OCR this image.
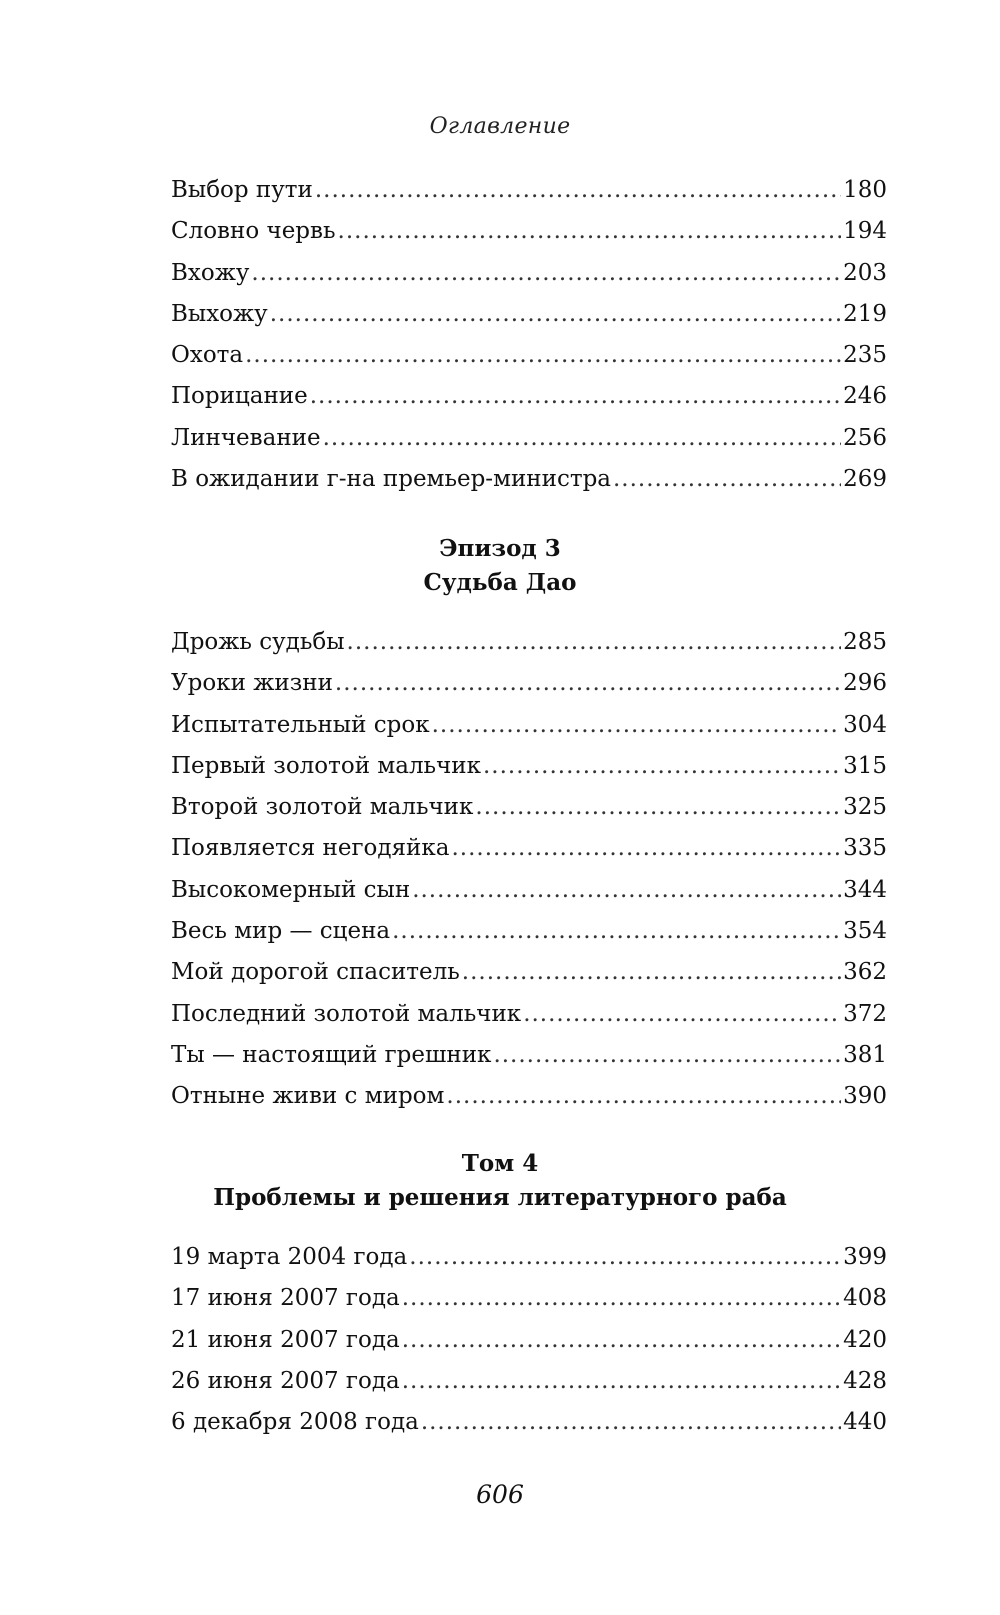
Оглавление
Выбор пути .....	180
Словно червь .....	194
Вхожу .....	203
Выхожу .....	219
Охота .....	235
Порицание .....	246
Линчевание .....	256
В ожидании г-на премьер-министра .....	269
Эпизод 3
Судьба Дао
Дрожь судьбы .....	285
Уроки жизни .....	296
Испытательный срок .....	304
Первый золотой мальчик .....	315
Второй золотой мальчик .....	325
Появляется негодяйка .....	335
Высокомерный сын .....	344
Весь мир — сцена .....	354
Мой дорогой спаситель .....	362
Последний золотой мальчик .....	372
Ты — настоящий грешник .....	381
Отныне живи с миром .....	390
Том 4
Проблемы и решения литературного раба
19 марта 2004 года .....	399
17 июня 2007 года .....	408
21 июня 2007 года .....	420
26 июня 2007 года .....	428
6 декабря 2008 года .....	440
606
